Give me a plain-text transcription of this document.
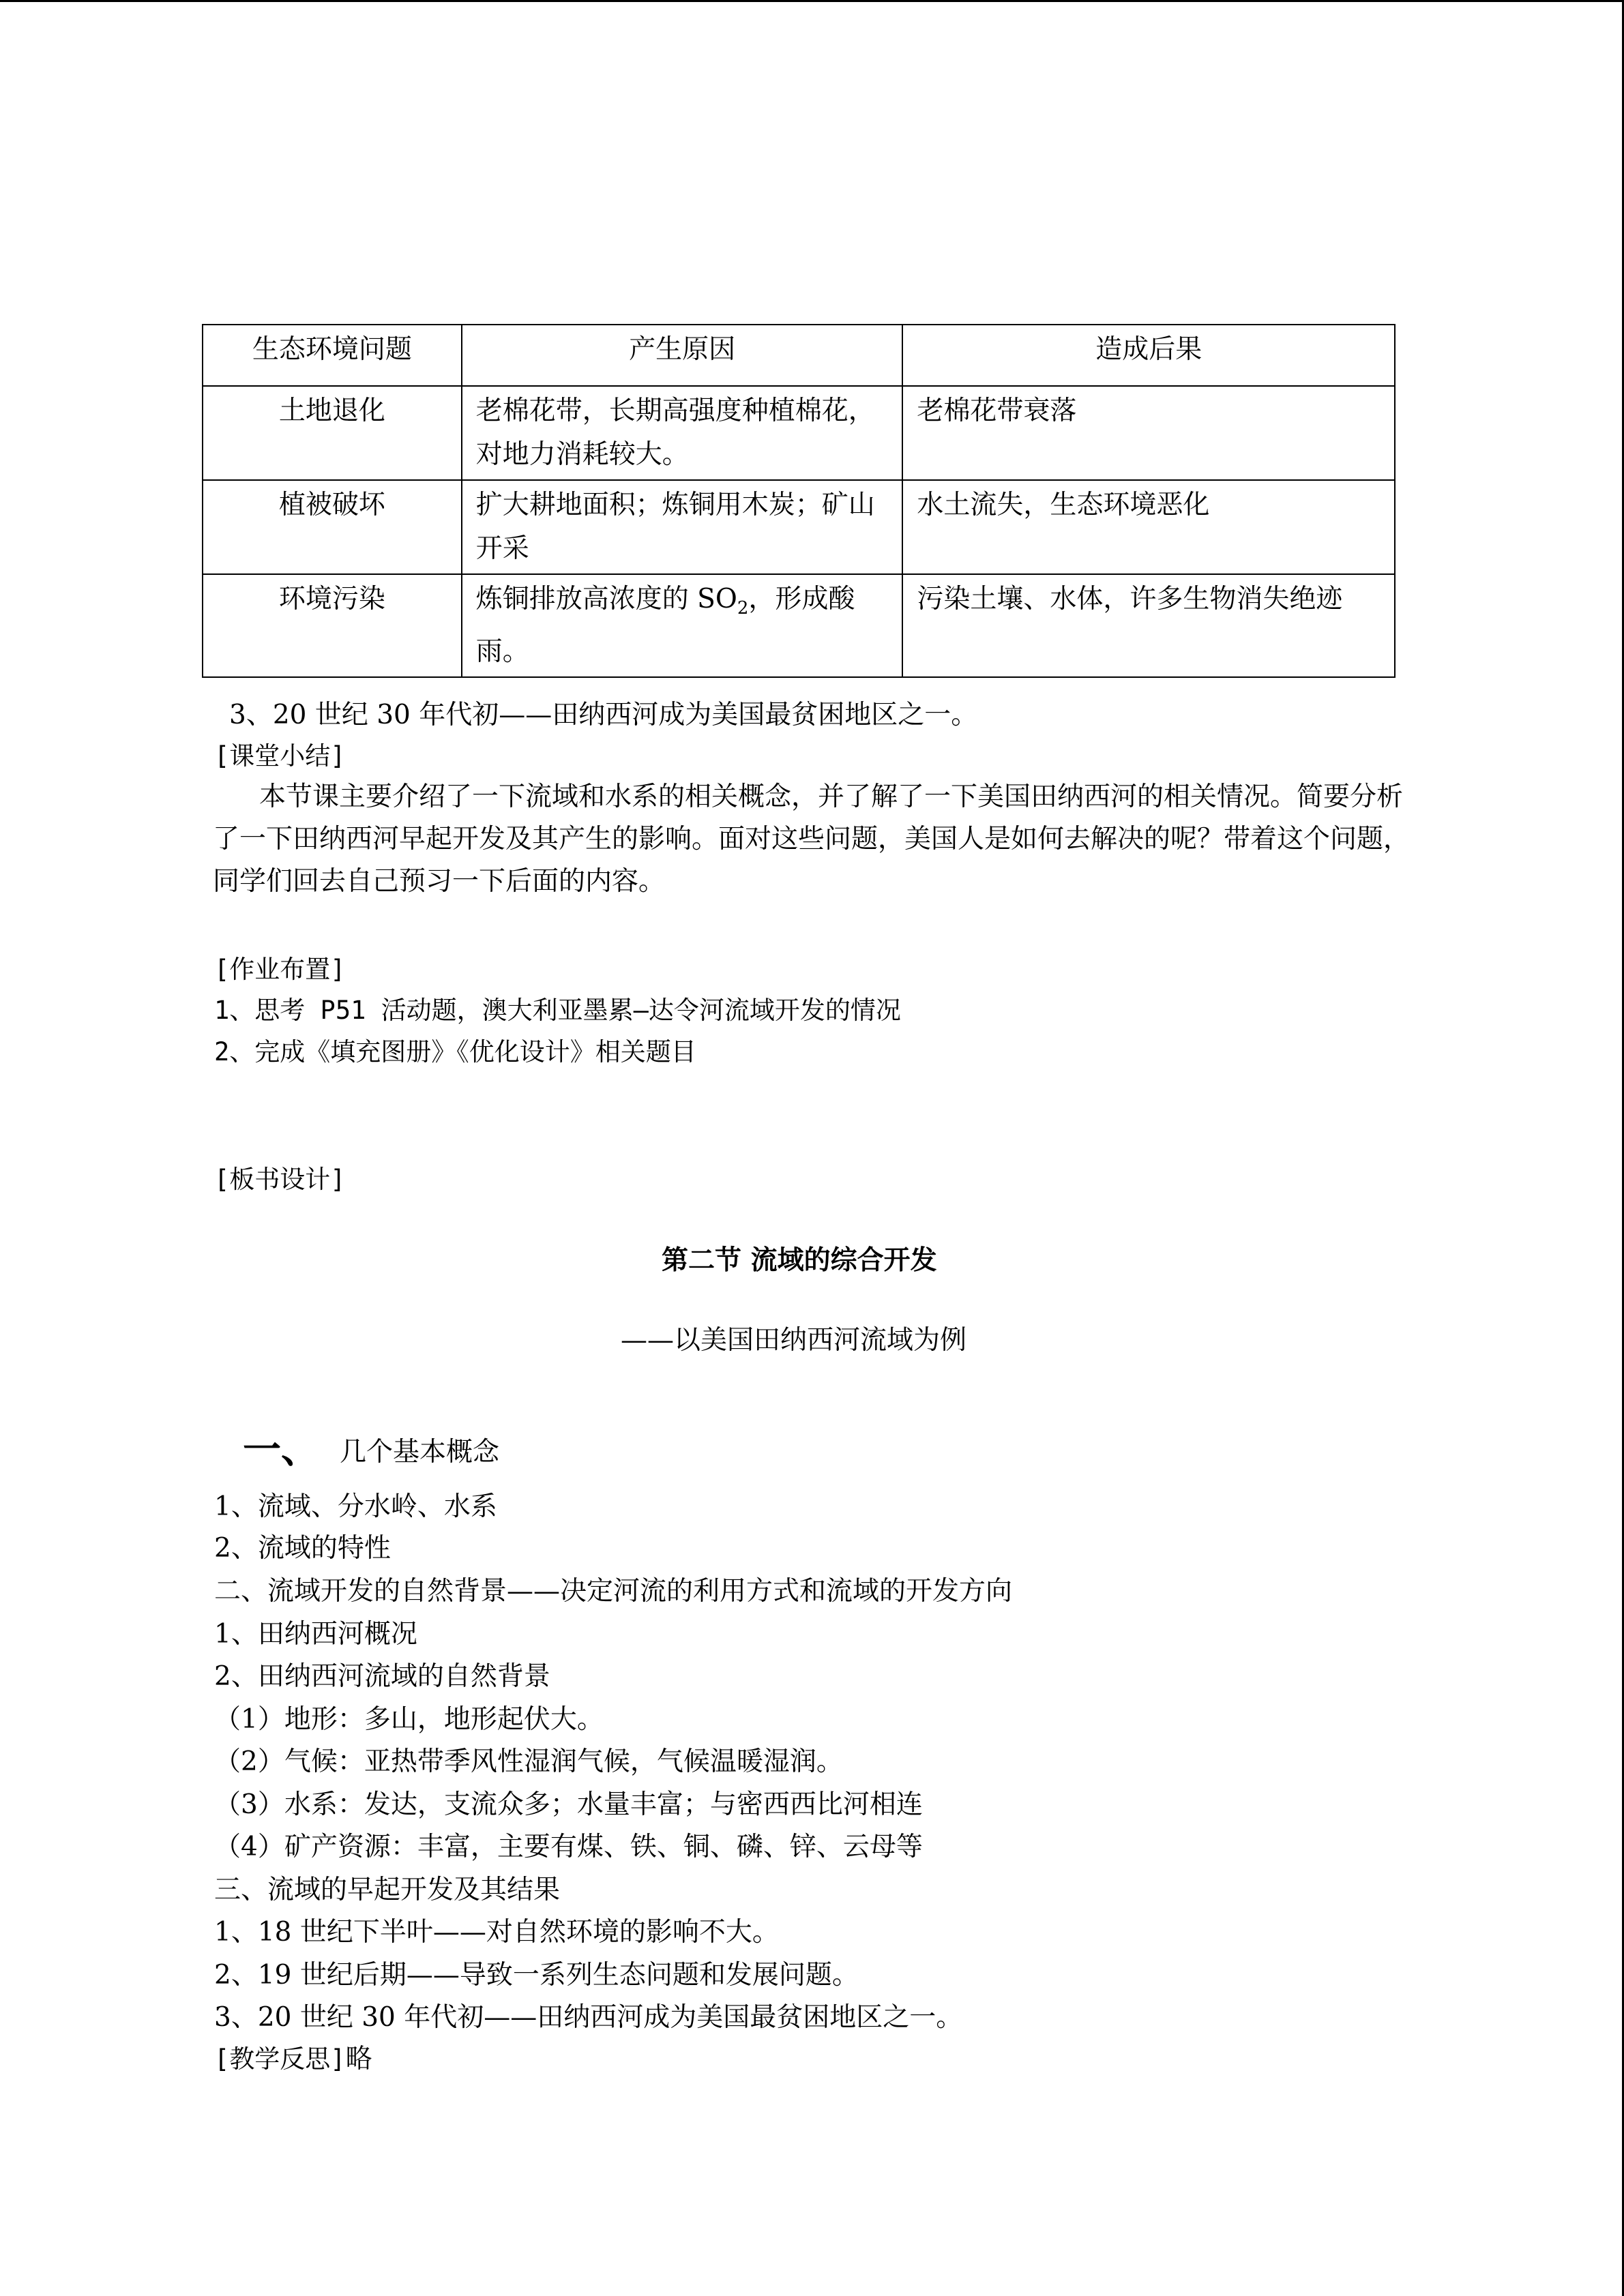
生态环境问题	产生原因	造成后果
土地退化	老棉花带，长期高强度种植棉花，对地力消耗较大。	老棉花带衰落
植被破坏	扩大耕地面积；炼铜用木炭；矿山开采	水土流失，生态环境恶化
环境污染	炼铜排放高浓度的 $SO_2$，形成酸雨。	污染土壤、水体，许多生物消失绝迹
3、20 世纪 30 年代初——田纳西河成为美国最贫困地区之一。
[课堂小结]
本节课主要介绍了一下流域和水系的相关概念，并了解了一下美国田纳西河的相关情况。简要分析了一下田纳西河早起开发及其产生的影响。面对这些问题，美国人是如何去解决的呢？带着这个问题，同学们回去自己预习一下后面的内容。
[作业布置]
1、思考 P51 活动题，澳大利亚墨累—达令河流域开发的情况
2、完成《填充图册》《优化设计》相关题目
[板书设计]
第二节 流域的综合开发
——以美国田纳西河流域为例
一、 几个基本概念
1、流域、分水岭、水系
2、流域的特性
二、流域开发的自然背景——决定河流的利用方式和流域的开发方向
1、田纳西河概况
2、田纳西河流域的自然背景
（1）地形：多山，地形起伏大。
（2）气候：亚热带季风性湿润气候，气候温暖湿润。
（3）水系：发达，支流众多；水量丰富；与密西西比河相连
（4）矿产资源：丰富，主要有煤、铁、铜、磷、锌、云母等
三、流域的早起开发及其结果
1、18 世纪下半叶——对自然环境的影响不大。
2、19 世纪后期——导致一系列生态问题和发展问题。
3、20 世纪 30 年代初——田纳西河成为美国最贫困地区之一。
[教学反思]略
